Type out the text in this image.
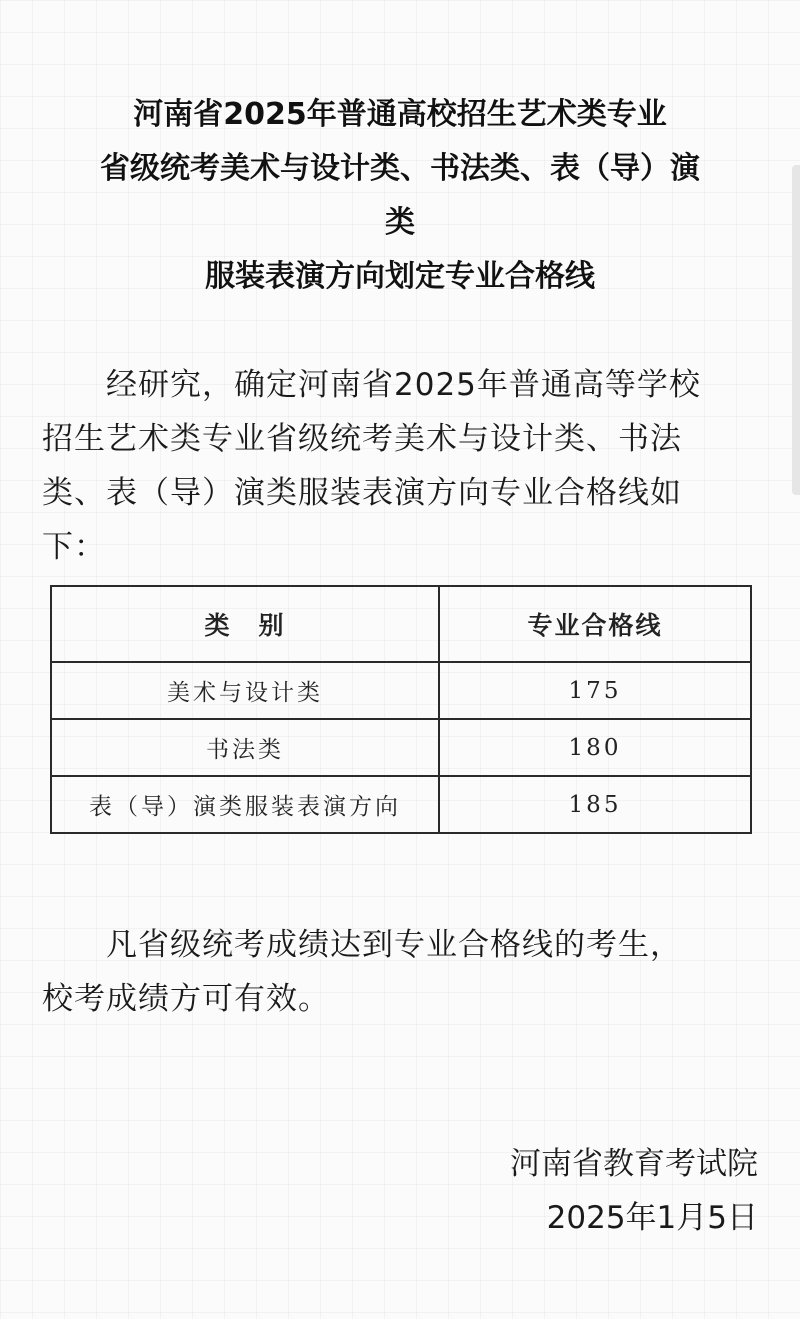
河南省2025年普通高校招生艺术类专业
省级统考美术与设计类、书法类、表（导）演
类
服装表演方向划定专业合格线
　　经研究，确定河南省2025年普通高等学校
招生艺术类专业省级统考美术与设计类、书法
类、表（导）演类服装表演方向专业合格线如
下：
类　别	专业合格线
美术与设计类	175
书法类	180
表（导）演类服装表演方向	185
　　凡省级统考成绩达到专业合格线的考生，
校考成绩方可有效。
河南省教育考试院
2025年1月5日
